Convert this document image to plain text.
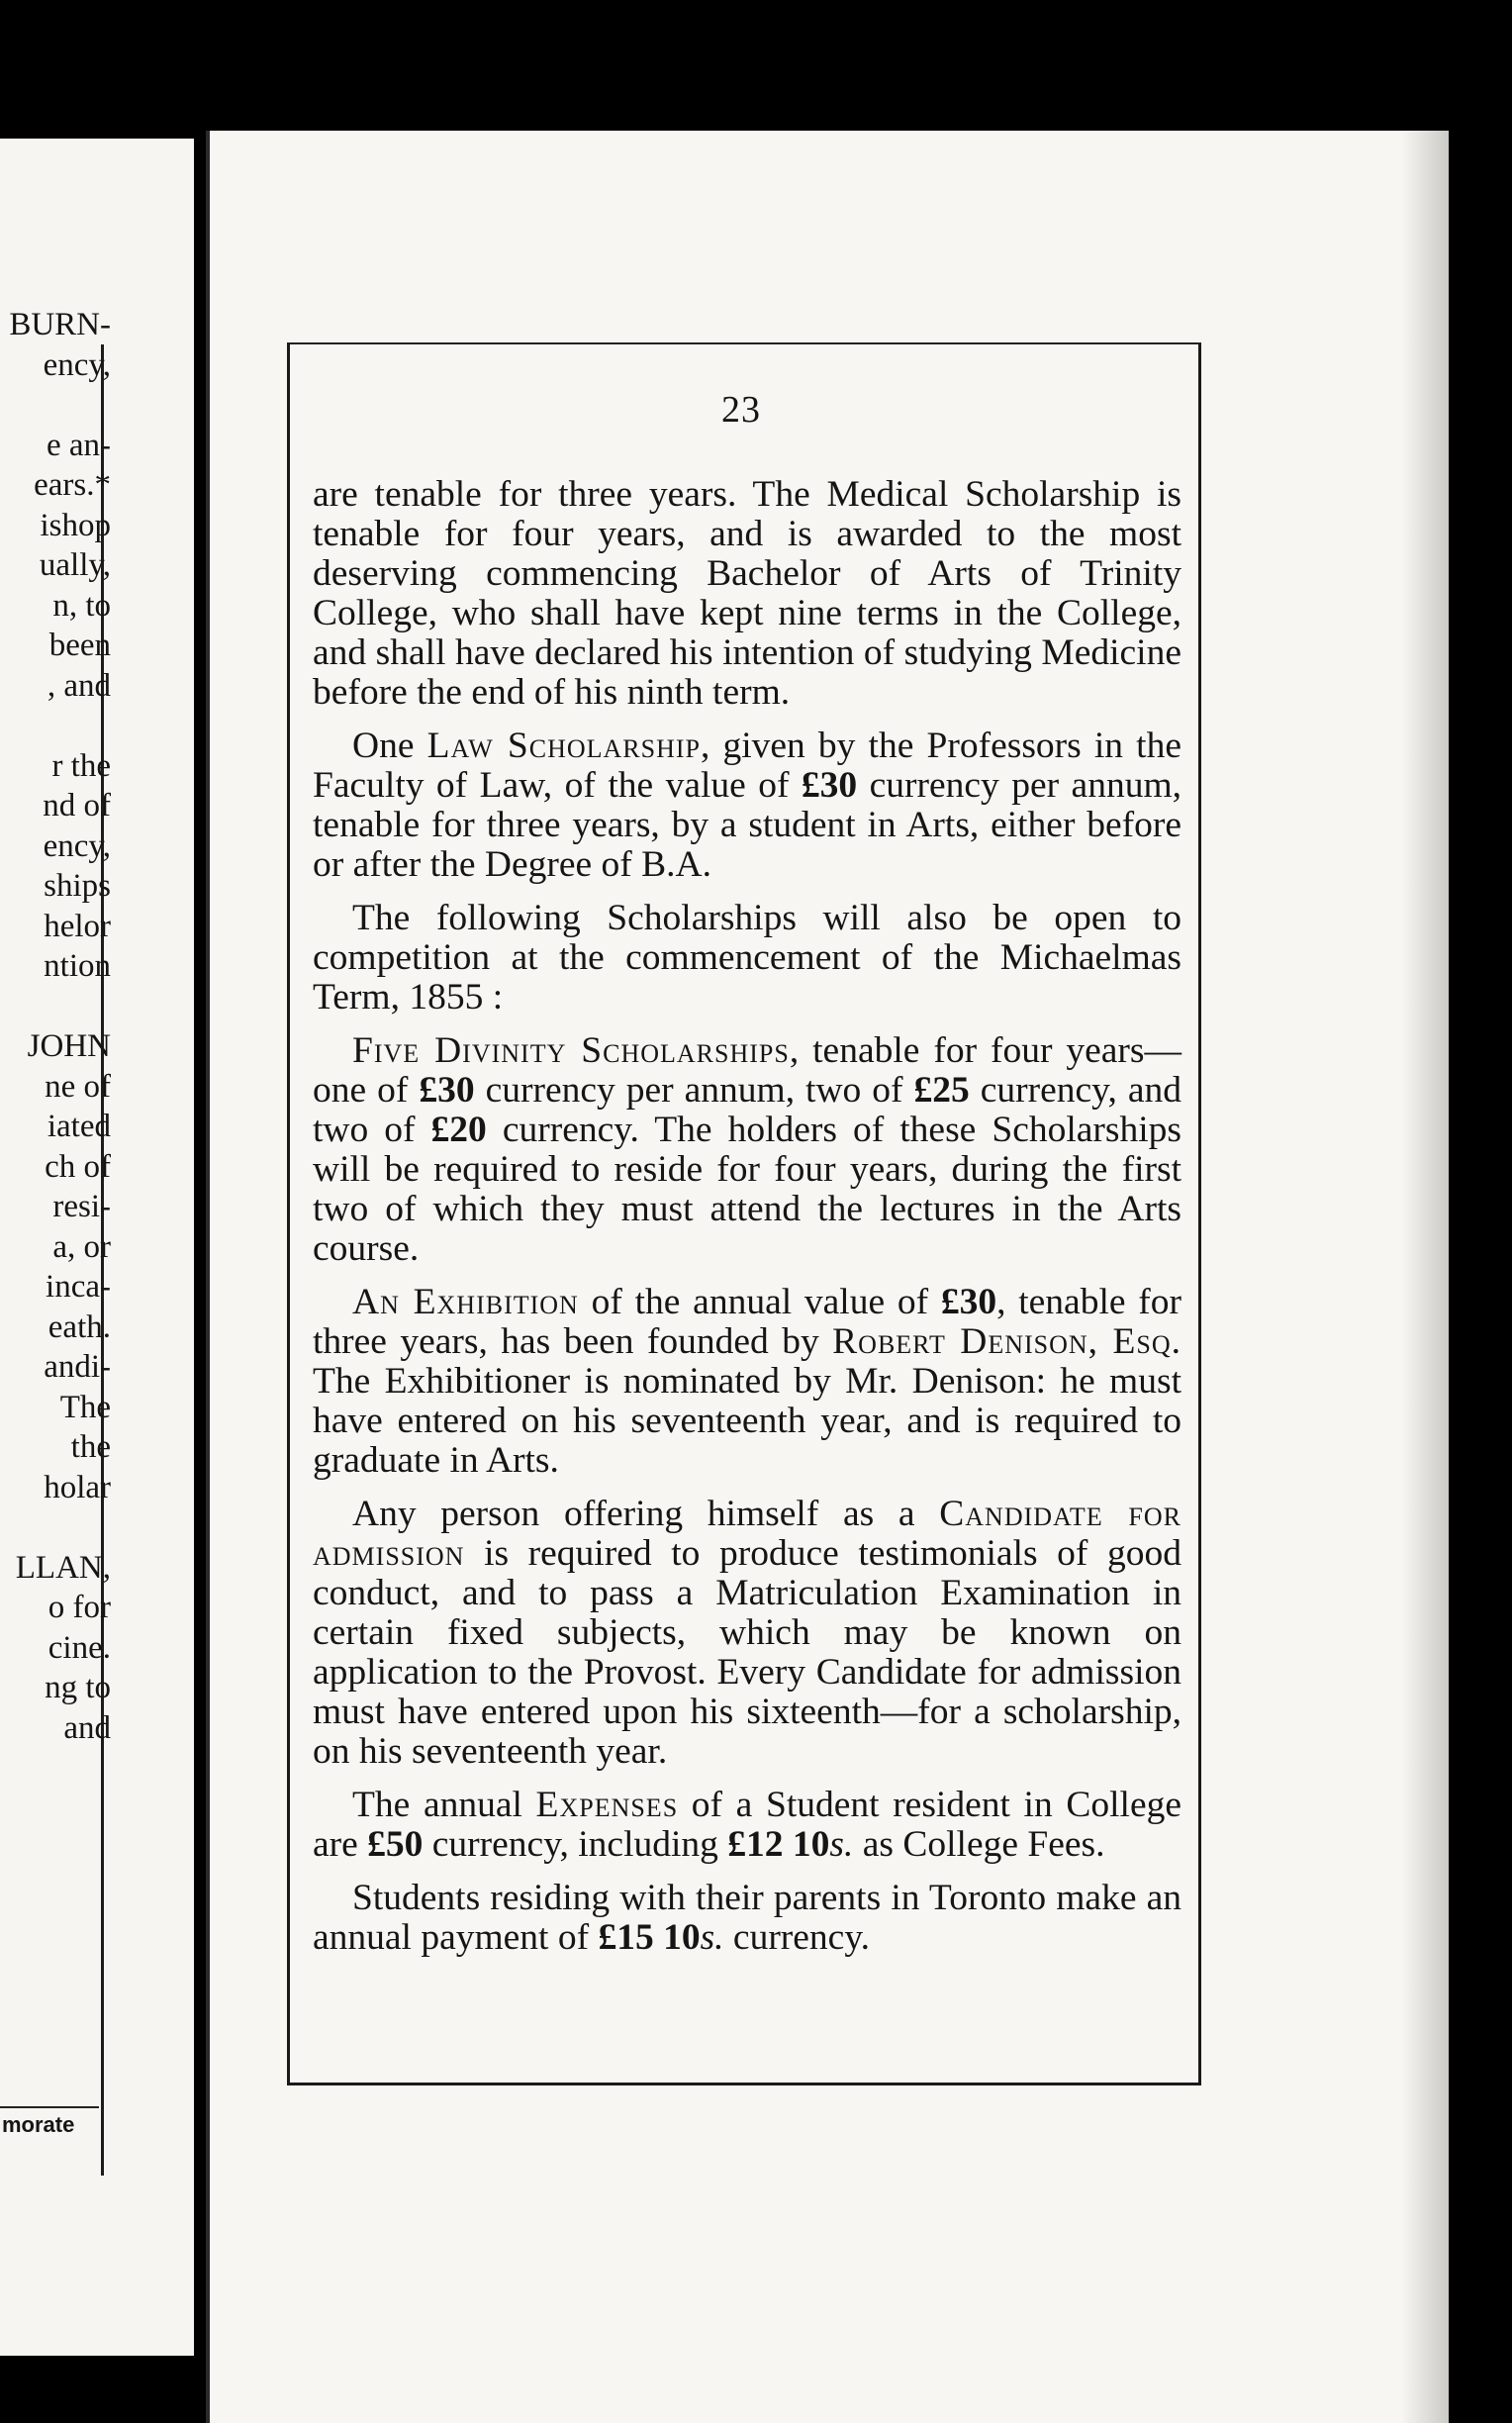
BURN-
ency,

e an-
ears.*
ishop
ually,
n, to
been
, and

r the
nd of
ency,
ships
helor
ntion

JOHN
ne of
iated
ch of
resi-
a, or
inca-
eath.
andi-
The
the
holar

LLAN,
o for
cine.
ng to
and
morate
23

are tenable for three years. The Medical Scholarship is tenable for four years, and is awarded to the most deserving commencing Bachelor of Arts of Trinity College, who shall have kept nine terms in the College, and shall have declared his intention of studying Medicine before the end of his ninth term.

One Law Scholarship, given by the Professors in the Faculty of Law, of the value of £30 currency per annum, tenable for three years, by a student in Arts, either before or after the Degree of B.A.

The following Scholarships will also be open to competition at the commencement of the Michaelmas Term, 1855 :

Five Divinity Scholarships, tenable for four years—one of £30 currency per annum, two of £25 currency, and two of £20 currency. The holders of these Scholarships will be required to reside for four years, during the first two of which they must attend the lectures in the Arts course.

An Exhibition of the annual value of £30, tenable for three years, has been founded by Robert Denison, Esq. The Exhibitioner is nominated by Mr. Denison: he must have entered on his seventeenth year, and is required to graduate in Arts.

Any person offering himself as a Candidate for admission is required to produce testimonials of good conduct, and to pass a Matriculation Examination in certain fixed subjects, which may be known on application to the Provost. Every Candidate for admission must have entered upon his sixteenth—for a scholarship, on his seventeenth year.

The annual Expenses of a Student resident in College are £50 currency, including £12 10s. as College Fees.

Students residing with their parents in Toronto make an annual payment of £15 10s. currency.
